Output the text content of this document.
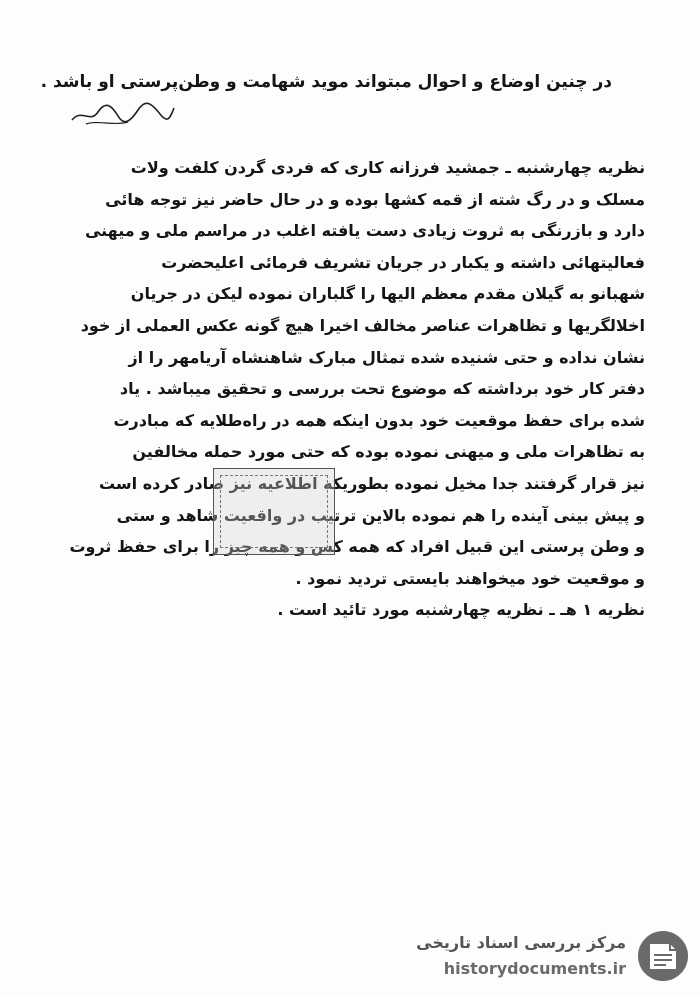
در چنین اوضاع و احوال مبتواند موید شهامت و وطن‌پرستی او باشد .
نظریه چهارشنبه ـ جمشید فرزانه کاری که فردی گردن کلفت ولات
مسلک و در رگ شته از قمه کشها بوده و در حال حاضر نیز توجه هائی
دارد و بازرنگی به ثروت زیادی دست یافته اغلب در مراسم ملی و میهنی
فعالیتهائی داشته و یکبار در جریان تشریف فرمائی اعلیحضرت
شهبانو به گیلان مقدم معظم الیها را گلباران نموده لیکن در جریان
اخلالگریها و تظاهرات عناصر مخالف اخیرا هیچ گونه عکس العملی از خود
نشان نداده و حتی شنیده شده تمثال مبارک شاهنشاه آریامهر را از
دفتر کار خود برداشته که موضوع تحت بررسی و تحقیق میباشد . یاد
شده برای حفظ موقعیت خود بدون اینکه همه در راه‌طلایه که مبادرت
به تظاهرات ملی و میهنی نموده بوده که حتی مورد حمله مخالفین
نیز قرار گرفتند جدا مخیل نموده بطوریکه اطلاعیه نیز صادر کرده است
و پیش بینی آینده را هم نموده بالاین ترتیب در واقعیت شاهد و ستی
و وطن پرستی این قبیل افراد که همه کس و همه چیز را برای حفظ ثروت
و موقعیت خود میخواهند بایستی تردید نمود .
نظریه ۱ هـ ـ نظریه چهارشنبه مورد تائید است .
مرکز بررسی اسناد تاریخی
historydocuments.ir
